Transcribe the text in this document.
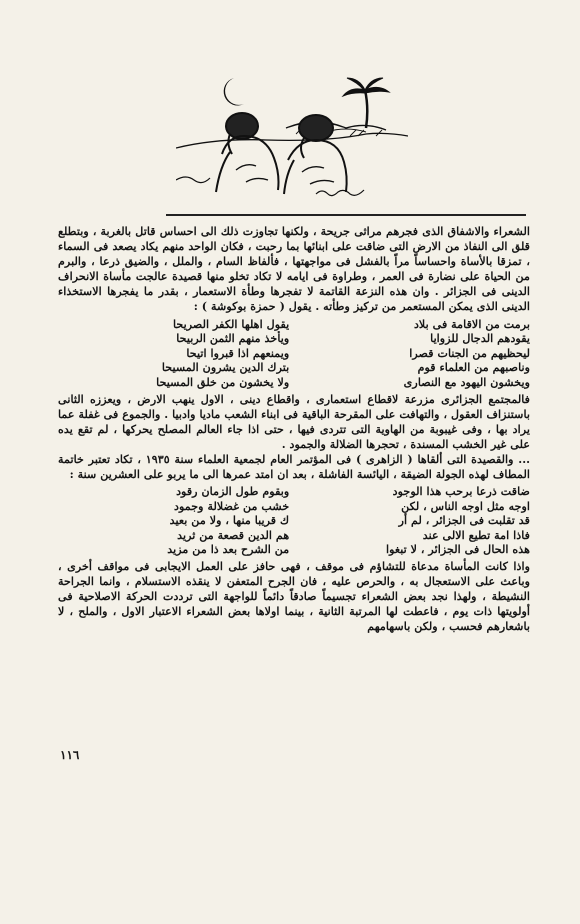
الشعراء والاشفاق الذى فجرهم مراثى جريحة ، ولكنها تجاوزت ذلك الى احساس قاتل بالغربة ، وبتطلع قلق الى النفاذ من الارض التى ضاقت على ابنائها بما رحبت ، فكان الواحد منهم يكاد يصعد فى السماء ، تمزقا بالأساة واحساساً مراً بالفشل فى مواجهتها ، فألفاظ السام ، والملل ، والضيق ذرعا ، والبرم من الحياة على نضارة فى العمر ، وطراوة فى ايامه لا تكاد تخلو منها قصيدة عالجت مأساة الانحراف الدينى فى الجزائر . وان هذه النزعة القاتمة لا تفجرها وطأة الاستعمار ، بقدر ما يفجرها الاستخذاء الدينى الذى يمكن المستعمر من تركيز وطأته . يقول ( حمزة بوكوشة ) :

برمت من الاقامة فى بلاد
يقول اهلها الكفر الصريحا
يقودهم الدجال للزوايا
ويأخذ منهم الثمن الربيحا
ليحظيهم من الجنات قصرا
ويمنعهم اذا قبروا اتيحا
وناصبهم من العلماء قوم
بترك الدين يشرون المسيحا
ويخشون اليهود مع النصارى
ولا يخشون من خلق المسيحا

فالمجتمع الجزائرى مزرعة لاقطاع استعمارى ، واقطاع دينى ، الاول ينهب الارض ، ويعززه الثانى باستنزاف العقول ، والتهافت على المقرحة الباقية فى ابناء الشعب ماديا وادبيا . والجموع فى غفلة عما يراد بها ، وفى غيبوبة من الهاوية التى تتردى فيها ، حتى اذا جاء العالم المصلح يحركها ، لم تقع يده على غير الخشب المسندة ، تحجرها الضلالة والجمود .

... والقصيدة التى ألقاها ( الزاهرى ) فى المؤتمر العام لجمعية العلماء سنة ١٩٣٥ ، تكاد تعتبر خاتمة المطاف لهذه الجولة الضيقة ، اليائسة الفاشلة ، بعد ان امتد عمرها الى ما يربو على العشرين سنة :

ضاقت ذرعا برحب هذا الوجود
وبقوم طول الزمان رقود
اوجه مثل اوجه الناس ، لكن
خشب من غضلالة وجمود
قد تقلبت فى الجزائر ، لم أر
ك قريبا منها ، ولا من بعيد
فاذا امة تطيع الالى عند
هم الدين قصعة من ثريد
هذه الحال فى الجزائر ، لا تبغوا
من الشرح بعد ذا من مزيد

واذا كانت المأساة مدعاة للتشاؤم فى موقف ، فهى حافز على العمل الايجابى فى مواقف أخرى ، وباعث على الاستعجال به ، والحرص عليه ، فان الجرح المتعفن لا ينقذه الاستسلام ، وانما الجراحة النشيطة ، ولهذا نجد بعض الشعراء تجسيماً صادقاً دائماً للواجهة التى ترددت الحركة الاصلاحية فى أولويتها ذات يوم ، فاعطت لها المرتبة الثانية ، بينما اولاها بعض الشعراء الاعتبار الاول ، والملح ، لا باشعارهم فحسب ، ولكن باسهامهم

١١٦
